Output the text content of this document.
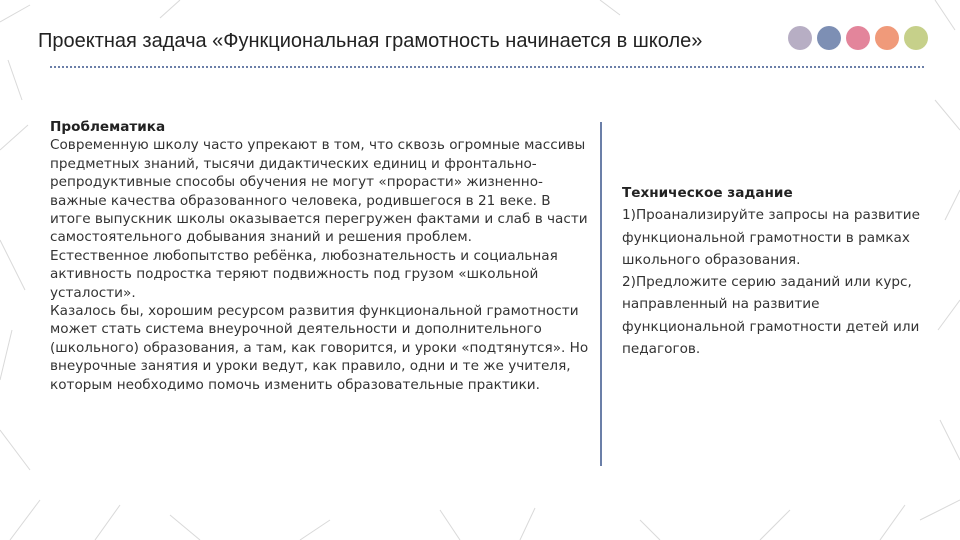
Проектная задача «Функциональная грамотность начинается в школе»

Проблематика

Современную школу часто упрекают в том, что сквозь огромные массивы предметных знаний, тысячи дидактических единиц и фронтально-репродуктивные способы обучения не могут «прорасти» жизненно-важные качества образованного человека, родившегося в 21 веке. В итоге выпускник школы оказывается перегружен фактами и слаб в части самостоятельного добывания знаний и решения проблем.

Естественное любопытство ребёнка, любознательность и социальная активность подростка теряют подвижность под грузом «школьной усталости».

Казалось бы, хорошим ресурсом развития функциональной грамотности может стать система внеурочной деятельности и дополнительного (школьного) образования, а там, как говорится, и уроки «подтянутся». Но внеурочные занятия и уроки ведут, как правило, одни и те же учителя, которым необходимо помочь изменить образовательные практики.

Техническое задание

1)Проанализируйте запросы на развитие функциональной грамотности в рамках школьного образования.

2)Предложите серию заданий или курс, направленный на развитие функциональной грамотности детей или педагогов.
